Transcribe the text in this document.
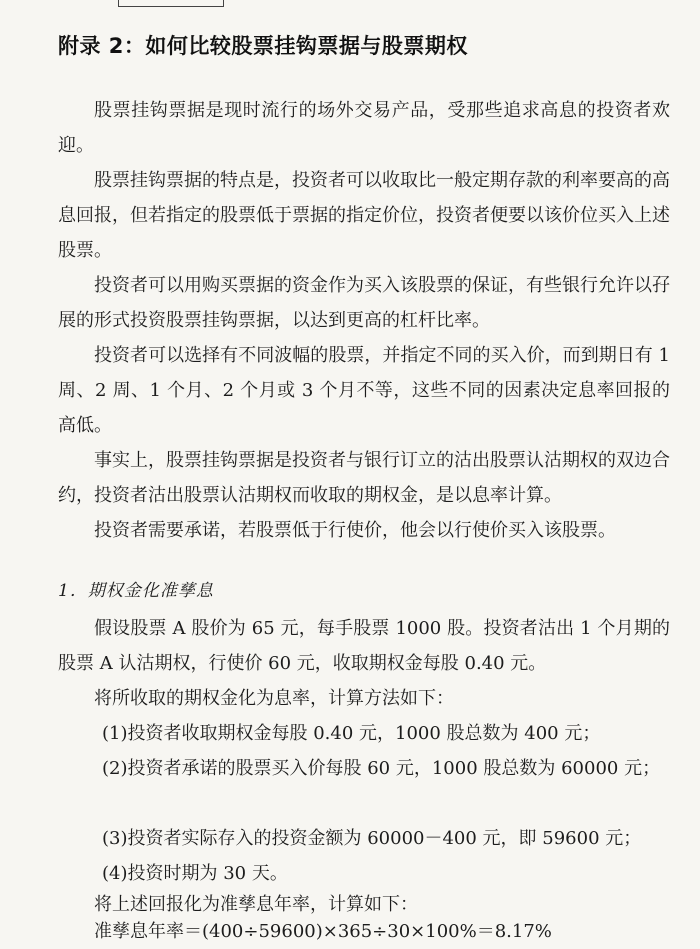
附录 2：如何比较股票挂钩票据与股票期权

股票挂钩票据是现时流行的场外交易产品，受那些追求高息的投资者欢迎。

股票挂钩票据的特点是，投资者可以收取比一般定期存款的利率要高的高息回报，但若指定的股票低于票据的指定价位，投资者便要以该价位买入上述股票。

投资者可以用购买票据的资金作为买入该股票的保证，有些银行允许以孖展的形式投资股票挂钩票据，以达到更高的杠杆比率。

投资者可以选择有不同波幅的股票，并指定不同的买入价，而到期日有 1 周、2 周、1 个月、2 个月或 3 个月不等，这些不同的因素决定息率回报的高低。

事实上，股票挂钩票据是投资者与银行订立的沽出股票认沽期权的双边合约，投资者沽出股票认沽期权而收取的期权金，是以息率计算。

投资者需要承诺，若股票低于行使价，他会以行使价买入该股票。

1．期权金化准孳息

假设股票 A 股价为 65 元，每手股票 1000 股。投资者沽出 1 个月期的股票 A 认沽期权，行使价 60 元，收取期权金每股 0.40 元。

将所收取的期权金化为息率，计算方法如下：

(1)投资者收取期权金每股 0.40 元，1000 股总数为 400 元；

(2)投资者承诺的股票买入价每股 60 元，1000 股总数为 60000 元；

(3)投资者实际存入的投资金额为 60000－400 元，即 59600 元；

(4)投资时期为 30 天。

将上述回报化为准孳息年率，计算如下：

准孳息年率＝(400÷59600)×365÷30×100%＝8.17%
